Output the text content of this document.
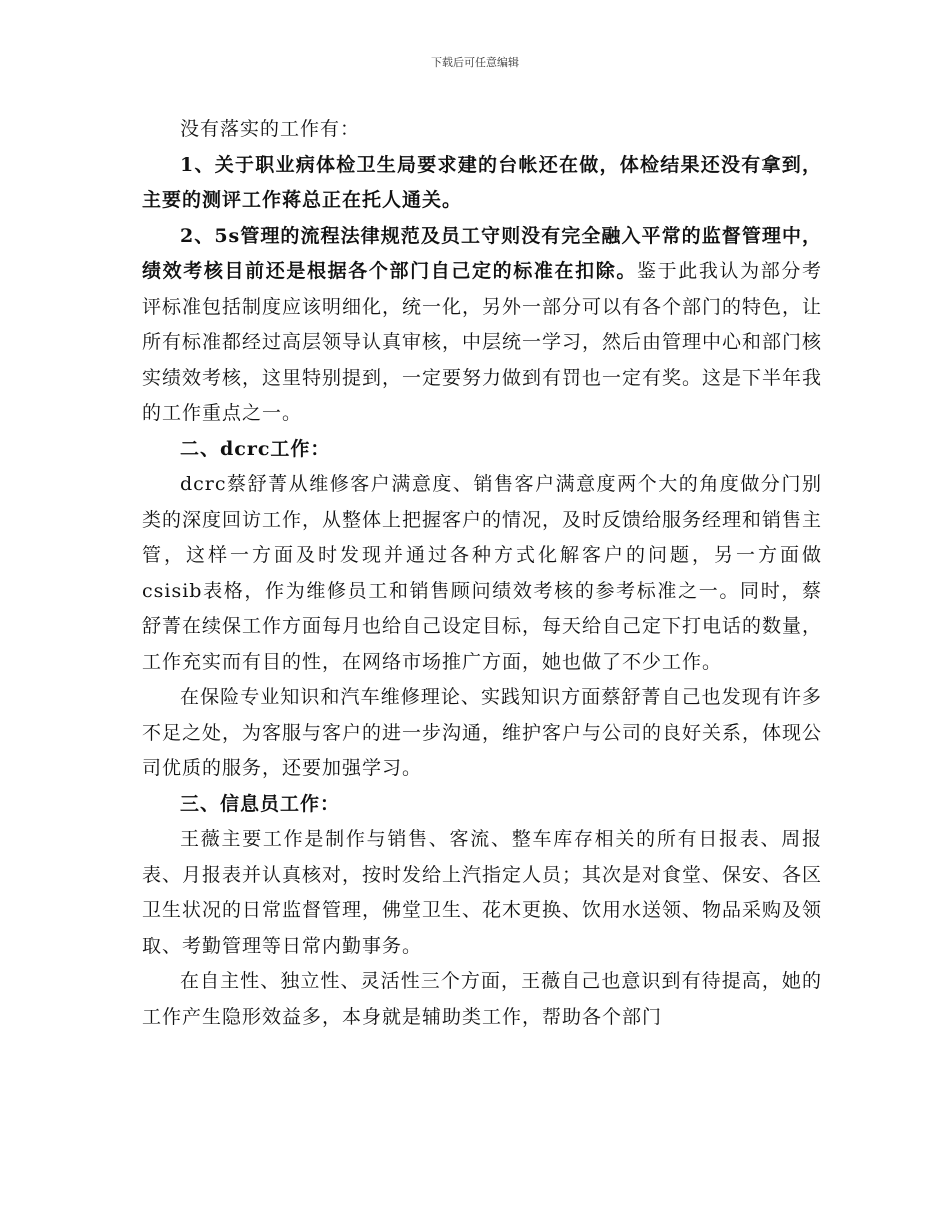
下载后可任意编辑

没有落实的工作有：

1、关于职业病体检卫生局要求建的台帐还在做，体检结果还没有拿到，主要的测评工作蒋总正在托人通关。

2、5s管理的流程法律规范及员工守则没有完全融入平常的监督管理中，绩效考核目前还是根据各个部门自己定的标准在扣除。鉴于此我认为部分考评标准包括制度应该明细化，统一化，另外一部分可以有各个部门的特色，让所有标准都经过高层领导认真审核，中层统一学习，然后由管理中心和部门核实绩效考核，这里特别提到，一定要努力做到有罚也一定有奖。这是下半年我的工作重点之一。

二、dcrc工作：

dcrc蔡舒菁从维修客户满意度、销售客户满意度两个大的角度做分门别类的深度回访工作，从整体上把握客户的情况，及时反馈给服务经理和销售主管，这样一方面及时发现并通过各种方式化解客户的问题，另一方面做csisib表格，作为维修员工和销售顾问绩效考核的参考标准之一。同时，蔡舒菁在续保工作方面每月也给自己设定目标，每天给自己定下打电话的数量，工作充实而有目的性，在网络市场推广方面，她也做了不少工作。

在保险专业知识和汽车维修理论、实践知识方面蔡舒菁自己也发现有许多不足之处，为客服与客户的进一步沟通，维护客户与公司的良好关系，体现公司优质的服务，还要加强学习。

三、信息员工作：

王薇主要工作是制作与销售、客流、整车库存相关的所有日报表、周报表、月报表并认真核对，按时发给上汽指定人员；其次是对食堂、保安、各区卫生状况的日常监督管理，佛堂卫生、花木更换、饮用水送领、物品采购及领取、考勤管理等日常内勤事务。

在自主性、独立性、灵活性三个方面，王薇自己也意识到有待提高，她的工作产生隐形效益多，本身就是辅助类工作，帮助各个部门
